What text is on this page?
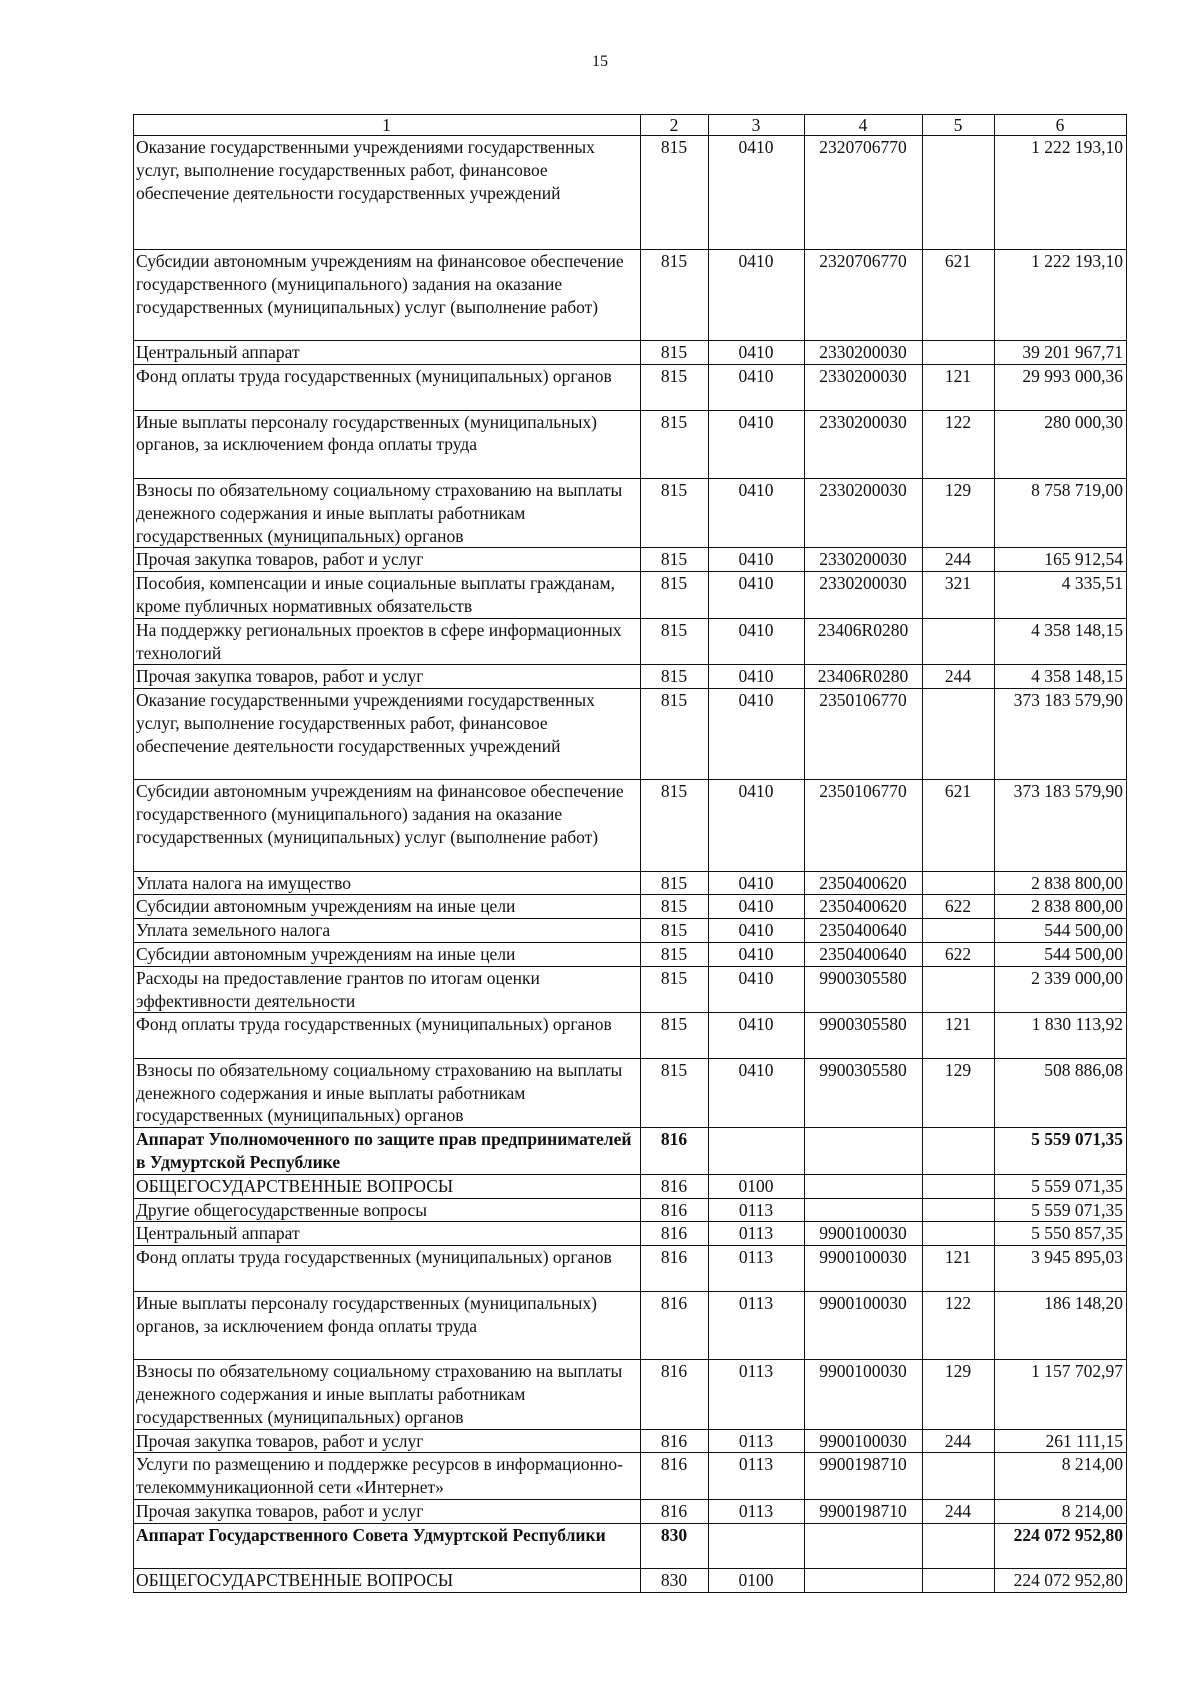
15
1	2	3	4	5	6
Оказание государственными учреждениями государственных услуг, выполнение государственных работ, финансовое обеспечение деятельности государственных учреждений	815	0410	2320706770		1 222 193,10
Субсидии автономным учреждениям на финансовое обеспечение государственного (муниципального) задания на оказание государственных (муниципальных) услуг (выполнение работ)	815	0410	2320706770	621	1 222 193,10
Центральный аппарат	815	0410	2330200030		39 201 967,71
Фонд оплаты труда государственных (муниципальных) органов	815	0410	2330200030	121	29 993 000,36
Иные выплаты персоналу государственных (муниципальных) органов, за исключением фонда оплаты труда	815	0410	2330200030	122	280 000,30
Взносы по обязательному социальному страхованию на выплаты денежного содержания и иные выплаты работникам государственных (муниципальных) органов	815	0410	2330200030	129	8 758 719,00
Прочая закупка товаров, работ и услуг	815	0410	2330200030	244	165 912,54
Пособия, компенсации и иные социальные выплаты гражданам, кроме публичных нормативных обязательств	815	0410	2330200030	321	4 335,51
На поддержку региональных проектов в сфере информационных технологий	815	0410	23406R0280		4 358 148,15
Прочая закупка товаров, работ и услуг	815	0410	23406R0280	244	4 358 148,15
Оказание государственными учреждениями государственных услуг, выполнение государственных работ, финансовое обеспечение деятельности государственных учреждений	815	0410	2350106770		373 183 579,90
Субсидии автономным учреждениям на финансовое обеспечение государственного (муниципального) задания на оказание государственных (муниципальных) услуг (выполнение работ)	815	0410	2350106770	621	373 183 579,90
Уплата налога на имущество	815	0410	2350400620		2 838 800,00
Субсидии автономным учреждениям на иные цели	815	0410	2350400620	622	2 838 800,00
Уплата земельного налога	815	0410	2350400640		544 500,00
Субсидии автономным учреждениям на иные цели	815	0410	2350400640	622	544 500,00
Расходы на предоставление грантов по итогам оценки эффективности деятельности	815	0410	9900305580		2 339 000,00
Фонд оплаты труда государственных (муниципальных) органов	815	0410	9900305580	121	1 830 113,92
Взносы по обязательному социальному страхованию на выплаты денежного содержания и иные выплаты работникам государственных (муниципальных) органов	815	0410	9900305580	129	508 886,08
Аппарат Уполномоченного по защите прав предпринимателей в Удмуртской Республике	816				5 559 071,35
ОБЩЕГОСУДАРСТВЕННЫЕ ВОПРОСЫ	816	0100			5 559 071,35
Другие общегосударственные вопросы	816	0113			5 559 071,35
Центральный аппарат	816	0113	9900100030		5 550 857,35
Фонд оплаты труда государственных (муниципальных) органов	816	0113	9900100030	121	3 945 895,03
Иные выплаты персоналу государственных (муниципальных) органов, за исключением фонда оплаты труда	816	0113	9900100030	122	186 148,20
Взносы по обязательному социальному страхованию на выплаты денежного содержания и иные выплаты работникам государственных (муниципальных) органов	816	0113	9900100030	129	1 157 702,97
Прочая закупка товаров, работ и услуг	816	0113	9900100030	244	261 111,15
Услуги по размещению и поддержке ресурсов в информационно-телекоммуникационной сети «Интернет»	816	0113	9900198710		8 214,00
Прочая закупка товаров, работ и услуг	816	0113	9900198710	244	8 214,00
Аппарат Государственного Совета Удмуртской Республики	830				224 072 952,80
ОБЩЕГОСУДАРСТВЕННЫЕ ВОПРОСЫ	830	0100			224 072 952,80
